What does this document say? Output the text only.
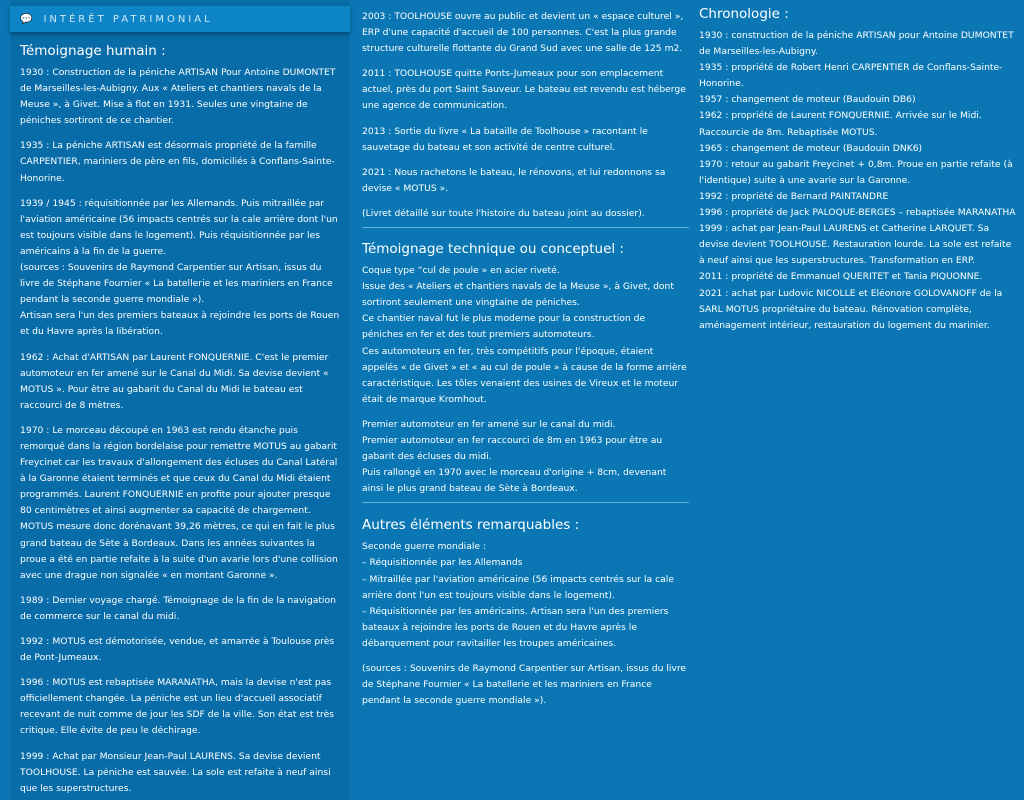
💬 INTÉRÊT PATRIMONIAL
Témoignage humain :

1930 : Construction de la péniche ARTISAN Pour Antoine DUMONTET de Marseilles-les-Aubigny. Aux « Ateliers et chantiers navals de la Meuse », à Givet. Mise à flot en 1931. Seules une vingtaine de péniches sortiront de ce chantier.

1935 : La péniche ARTISAN est désormais propriété de la famille CARPENTIER, mariniers de père en fils, domiciliés à Conflans-Sainte-Honorine.

1939 / 1945 : réquisitionnée par les Allemands. Puis mitraillée par l'aviation américaine (56 impacts centrés sur la cale arrière dont l'un est toujours visible dans le logement). Puis réquisitionnée par les américains à la fin de la guerre.

(sources : Souvenirs de Raymond Carpentier sur Artisan, issus du livre de Stéphane Fournier « La batellerie et les mariniers en France pendant la seconde guerre mondiale »).

Artisan sera l'un des premiers bateaux à rejoindre les ports de Rouen et du Havre après la libération.

1962 : Achat d'ARTISAN par Laurent FONQUERNIE. C'est le premier automoteur en fer amené sur le Canal du Midi. Sa devise devient « MOTUS ». Pour être au gabarit du Canal du Midi le bateau est raccourci de 8 mètres.

1970 : Le morceau découpé en 1963 est rendu étanche puis remorqué dans la région bordelaise pour remettre MOTUS au gabarit Freycinet car les travaux d'allongement des écluses du Canal Latéral à la Garonne étaient terminés et que ceux du Canal du Midi étaient programmés. Laurent FONQUERNIE en profite pour ajouter presque 80 centimètres et ainsi augmenter sa capacité de chargement. MOTUS mesure donc dorénavant 39,26 mètres, ce qui en fait le plus grand bateau de Sète à Bordeaux. Dans les années suivantes la proue a été en partie refaite à la suite d'un avarie lors d'une collision avec une drague non signalée « en montant Garonne ».

1989 : Dernier voyage chargé. Témoignage de la fin de la navigation de commerce sur le canal du midi.

1992 : MOTUS est démotorisée, vendue, et amarrée à Toulouse près de Pont-Jumeaux.

1996 : MOTUS est rebaptisée MARANATHA, mais la devise n'est pas officiellement changée. La péniche est un lieu d'accueil associatif recevant de nuit comme de jour les SDF de la ville. Son état est très critique. Elle évite de peu le déchirage.

1999 : Achat par Monsieur Jean-Paul LAURENS. Sa devise devient TOOLHOUSE. La péniche est sauvée. La sole est refaite à neuf ainsi que les superstructures.

2003 : TOOLHOUSE ouvre au public et devient un « espace culturel », ERP d'une capacité d'accueil de 100 personnes. C'est la plus grande structure culturelle flottante du Grand Sud avec une salle de 125 m2.

2011 : TOOLHOUSE quitte Ponts-Jumeaux pour son emplacement actuel, près du port Saint Sauveur. Le bateau est revendu est héberge une agence de communication.

2013 : Sortie du livre « La bataille de Toolhouse » racontant le sauvetage du bateau et son activité de centre culturel.

2021 : Nous rachetons le bateau, le rénovons, et lui redonnons sa devise « MOTUS ».

(Livret détaillé sur toute l'histoire du bateau joint au dossier).

Témoignage technique ou conceptuel :

Coque type “cul de poule » en acier riveté.

Issue des « Ateliers et chantiers navals de la Meuse », à Givet, dont sortiront seulement une vingtaine de péniches.

Ce chantier naval fut le plus moderne pour la construction de péniches en fer et des tout premiers automoteurs.

Ces automoteurs en fer, très compétitifs pour l'époque, étaient appelés « de Givet » et « au cul de poule » à cause de la forme arrière caractéristique. Les tôles venaient des usines de Vireux et le moteur était de marque Kromhout.

Premier automoteur en fer amené sur le canal du midi.

Premier automoteur en fer raccourci de 8m en 1963 pour être au gabarit des écluses du midi.

Puis rallongé en 1970 avec le morceau d'origine + 8cm, devenant ainsi le plus grand bateau de Sète à Bordeaux.

Autres éléments remarquables :

Seconde guerre mondiale :

– Réquisitionnée par les Allemands

– Mitraillée par l'aviation américaine (56 impacts centrés sur la cale arrière dont l'un est toujours visible dans le logement).

– Réquisitionnée par les américains. Artisan sera l'un des premiers bateaux à rejoindre les ports de Rouen et du Havre après le débarquement pour ravitailler les troupes américaines.

(sources : Souvenirs de Raymond Carpentier sur Artisan, issus du livre de Stéphane Fournier « La batellerie et les mariniers en France pendant la seconde guerre mondiale »).

Chronologie :

1930 : construction de la péniche ARTISAN pour Antoine DUMONTET de Marseilles-les-Aubigny.

1935 : propriété de Robert Henri CARPENTIER de Conflans-Sainte-Honorine.

1957 : changement de moteur (Baudouin DB6)

1962 : propriété de Laurent FONQUERNIE. Arrivée sur le Midi. Raccourcie de 8m. Rebaptisée MOTUS.

1965 : changement de moteur (Baudouin DNK6)

1970 : retour au gabarit Freycinet + 0,8m. Proue en partie refaite (à l'identique) suite à une avarie sur la Garonne.

1992 : propriété de Bernard PAINTANDRE

1996 : propriété de Jack PALOQUE-BERGES – rebaptisée MARANATHA

1999 : achat par Jean-Paul LAURENS et Catherine LARQUET. Sa devise devient TOOLHOUSE. Restauration lourde. La sole est refaite à neuf ainsi que les superstructures. Transformation en ERP.

2011 : propriété de Emmanuel QUERITET et Tania PIQUONNE.

2021 : achat par Ludovic NICOLLE et Eléonore GOLOVANOFF de la SARL MOTUS propriétaire du bateau. Rénovation complète, aménagement intérieur, restauration du logement du marinier.
